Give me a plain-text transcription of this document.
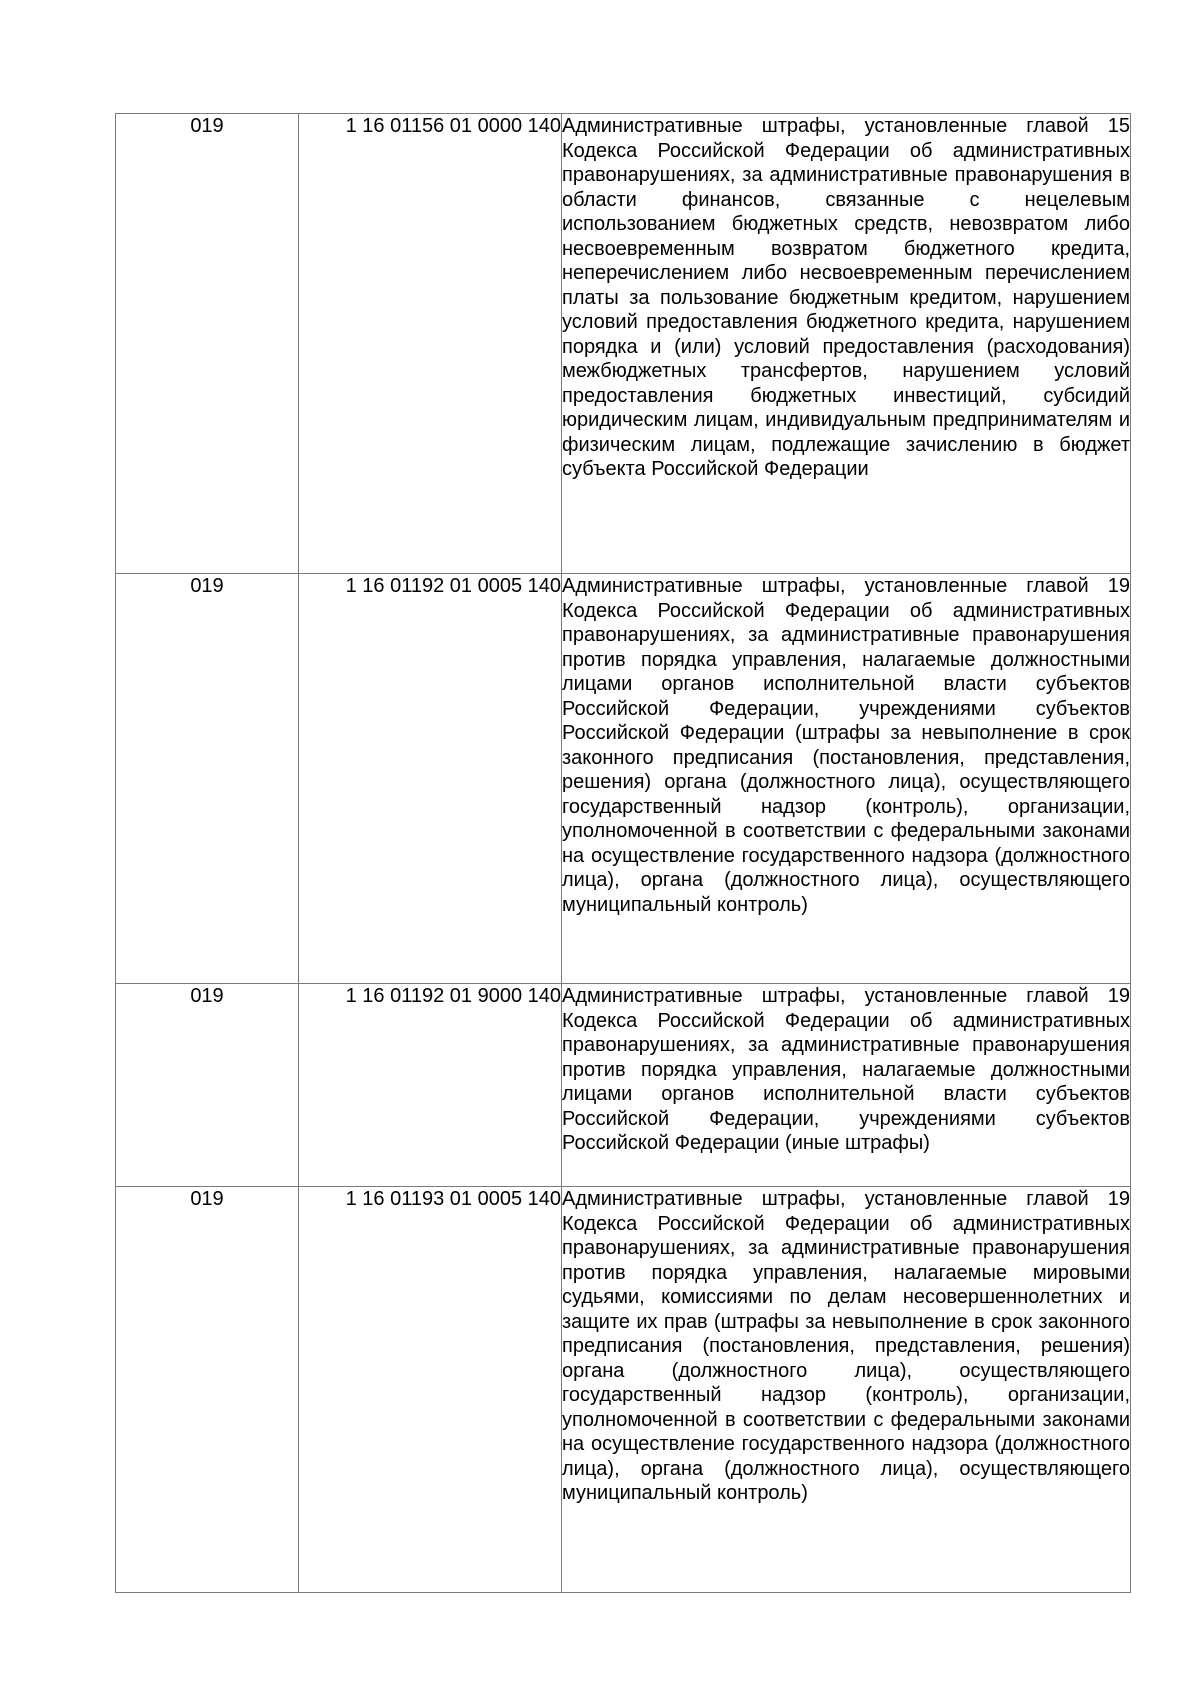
019	1 16 01156 01 0000 140	Административные штрафы, установленные главой 15 Кодекса Российской Федерации об административных правонарушениях, за административные правонарушения в области финансов, связанные с нецелевым использованием бюджетных средств, невозвратом либо несвоевременным возвратом бюджетного кредита, неперечислением либо несвоевременным перечислением платы за пользование бюджетным кредитом, нарушением условий предоставления бюджетного кредита, нарушением порядка и (или) условий предоставления (расходования) межбюджетных трансфертов, нарушением условий предоставления бюджетных инвестиций, субсидий юридическим лицам, индивидуальным предпринимателям и физическим лицам, подлежащие зачислению в бюджет субъекта Российской Федерации
019	1 16 01192 01 0005 140	Административные штрафы, установленные главой 19 Кодекса Российской Федерации об административных правонарушениях, за административные правонарушения против порядка управления, налагаемые должностными лицами органов исполнительной власти субъектов Российской Федерации, учреждениями субъектов Российской Федерации (штрафы за невыполнение в срок законного предписания (постановления, представления, решения) органа (должностного лица), осуществляющего государственный надзор (контроль), организации, уполномоченной в соответствии с федеральными законами на осуществление государственного надзора (должностного лица), органа (должностного лица), осуществляющего муниципальный контроль)
019	1 16 01192 01 9000 140	Административные штрафы, установленные главой 19 Кодекса Российской Федерации об административных правонарушениях, за административные правонарушения против порядка управления, налагаемые должностными лицами органов исполнительной власти субъектов Российской Федерации, учреждениями субъектов Российской Федерации (иные штрафы)
019	1 16 01193 01 0005 140	Административные штрафы, установленные главой 19 Кодекса Российской Федерации об административных правонарушениях, за административные правонарушения против порядка управления, налагаемые мировыми судьями, комиссиями по делам несовершеннолетних и защите их прав (штрафы за невыполнение в срок законного предписания (постановления, представления, решения) органа (должностного лица), осуществляющего государственный надзор (контроль), организации, уполномоченной в соответствии с федеральными законами на осуществление государственного надзора (должностного лица), органа (должностного лица), осуществляющего муниципальный контроль)
